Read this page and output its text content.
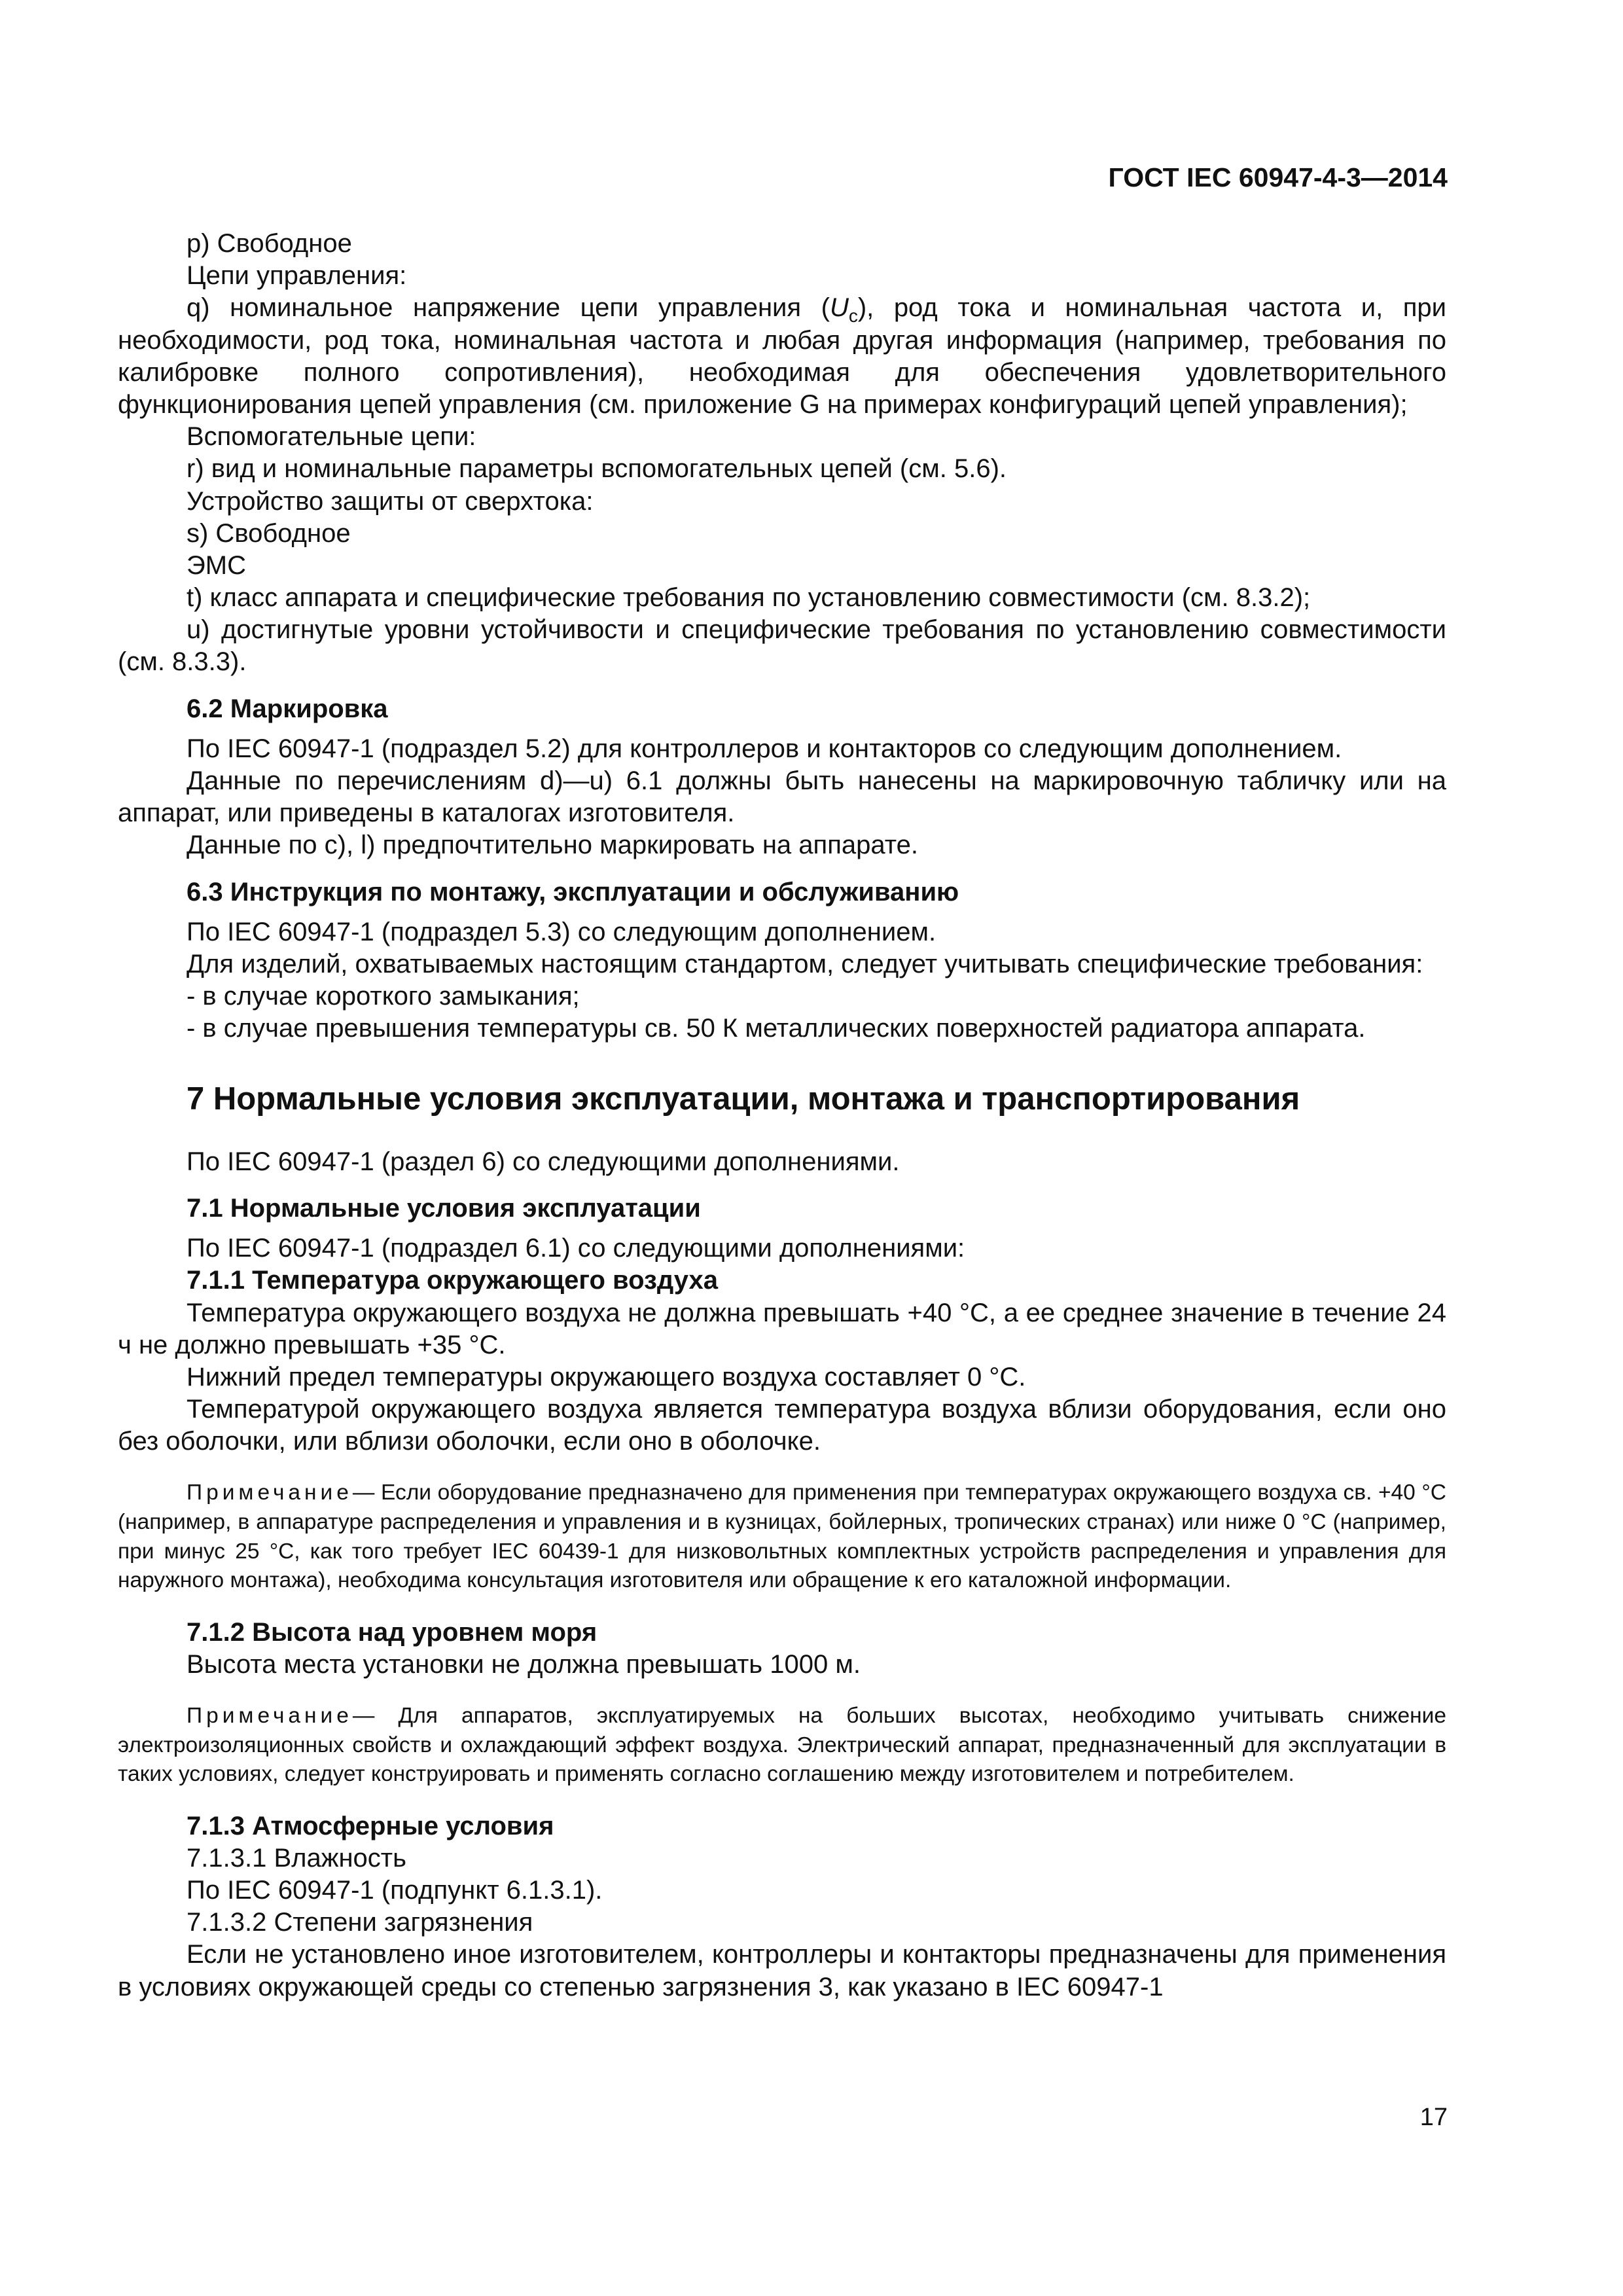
ГОСТ IEC 60947-4-3—2014

p) Свободное

Цепи управления:

q) номинальное напряжение цепи управления $(U_c)$, род тока и номинальная частота и, при необходимости, род тока, номинальная частота и любая другая информация (например, требования по калибровке полного сопротивления), необходимая для обеспечения удовлетворительного функционирования цепей управления (см. приложение G на примерах конфигураций цепей управления);

Вспомогательные цепи:

r) вид и номинальные параметры вспомогательных цепей (см. 5.6).

Устройство защиты от сверхтока:

s) Свободное

ЭМС

t) класс аппарата и специфические требования по установлению совместимости (см. 8.3.2);

u) достигнутые уровни устойчивости и специфические требования по установлению совместимости (см. 8.3.3).

6.2 Маркировка

По IEC 60947-1 (подраздел 5.2) для контроллеров и контакторов со следующим дополнением.

Данные по перечислениям d)—u) 6.1 должны быть нанесены на маркировочную табличку или на аппарат, или приведены в каталогах изготовителя.

Данные по c), l) предпочтительно маркировать на аппарате.

6.3 Инструкция по монтажу, эксплуатации и обслуживанию

По IEC 60947-1 (подраздел 5.3) со следующим дополнением.

Для изделий, охватываемых настоящим стандартом, следует учитывать специфические требования:

- в случае короткого замыкания;

- в случае превышения температуры св. 50 К металлических поверхностей радиатора аппарата.

7 Нормальные условия эксплуатации, монтажа и транспортирования

По IEC 60947-1 (раздел 6) со следующими дополнениями.

7.1 Нормальные условия эксплуатации

По IEC 60947-1 (подраздел 6.1) со следующими дополнениями:

7.1.1 Температура окружающего воздуха

Температура окружающего воздуха не должна превышать +40 °С, а ее среднее значение в течение 24 ч не должно превышать +35 °С.

Нижний предел температуры окружающего воздуха составляет 0 °С.

Температурой окружающего воздуха является температура воздуха вблизи оборудования, если оно без оболочки, или вблизи оболочки, если оно в оболочке.

Примечание— Если оборудование предназначено для применения при температурах окружающего воздуха св. +40 °С (например, в аппаратуре распределения и управления и в кузницах, бойлерных, тропических странах) или ниже 0 °С (например, при минус 25 °С, как того требует IEC 60439-1 для низковольтных комплектных устройств распределения и управления для наружного монтажа), необходима консультация изготовителя или обращение к его каталожной информации.

7.1.2 Высота над уровнем моря

Высота места установки не должна превышать 1000 м.

Примечание— Для аппаратов, эксплуатируемых на больших высотах, необходимо учитывать снижение электроизоляционных свойств и охлаждающий эффект воздуха. Электрический аппарат, предназначенный для эксплуатации в таких условиях, следует конструировать и применять согласно соглашению между изготовителем и потребителем.

7.1.3 Атмосферные условия

7.1.3.1 Влажность

По IEC 60947-1 (подпункт 6.1.3.1).

7.1.3.2 Степени загрязнения

Если не установлено иное изготовителем, контроллеры и контакторы предназначены для применения в условиях окружающей среды со степенью загрязнения 3, как указано в IEC 60947-1

17
